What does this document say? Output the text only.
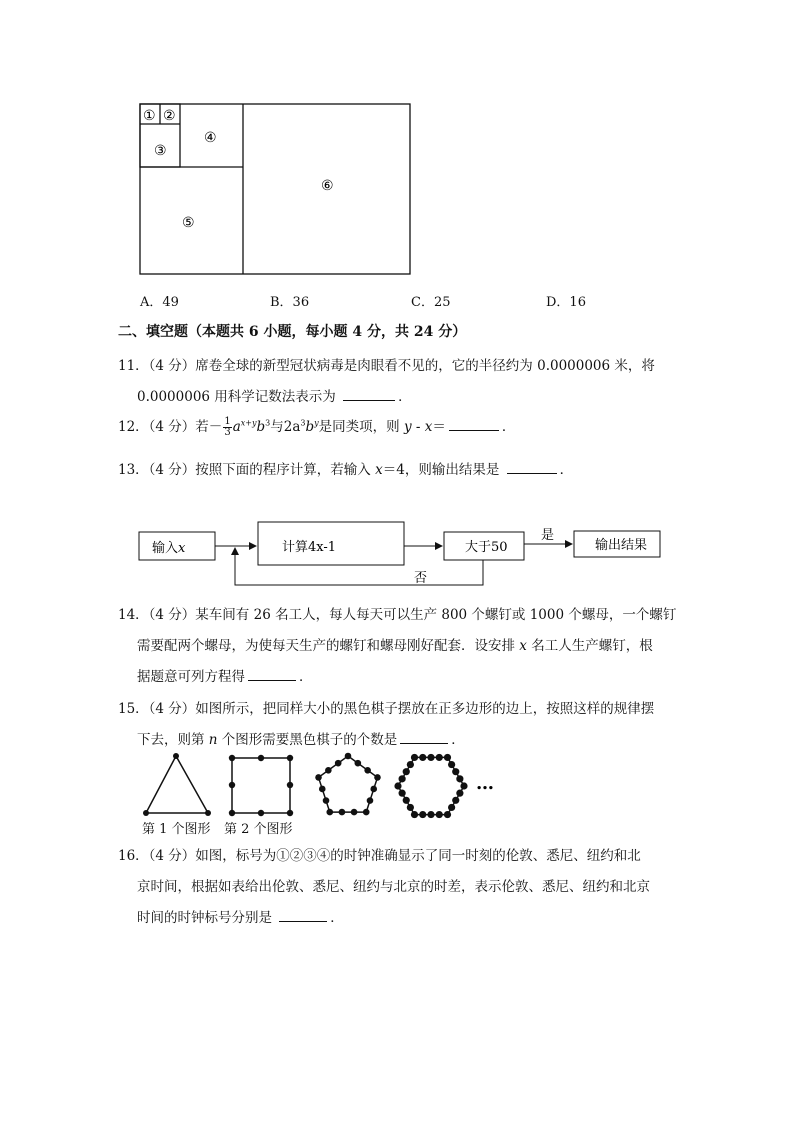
① ②
③
④
⑤
⑥
A．49	B．36	C．25	D．16
二、填空题（本题共 6 小题，每小题 4 分，共 24 分）
11．（4 分）席卷全球的新型冠状病毒是肉眼看不见的，它的半径约为 0.0000006 米，将
0.0000006 用科学记数法表示为	．
12．（4 分）若－ $\frac{1}{3} a^{x+y}b^3$与$2a^3b^y$是同类项，则 y - x＝	．
13．（4 分）按照下面的程序计算，若输入 x＝4，则输出结果是	．
输入x	计算4x-1	大于50
是
否
输出结果
14．（4 分）某车间有 26 名工人，每人每天可以生产 800 个螺钉或 1000 个螺母，一个螺钉
需要配两个螺母，为使每天生产的螺钉和螺母刚好配套．设安排 x 名工人生产螺钉，根
据题意可列方程得	．
15．（4 分）如图所示，把同样大小的黑色棋子摆放在正多边形的边上，按照这样的规律摆
下去，则第 n 个图形需要黑色棋子的个数是	．
…
第 1 个图形 第 2 个图形
16．（4 分）如图，标号为①②③④的时钟准确显示了同一时刻的伦敦、悉尼、纽约和北
京时间，根据如表给出伦敦、悉尼、纽约与北京的时差，表示伦敦、悉尼、纽约和北京
时间的时钟标号分别是	．
